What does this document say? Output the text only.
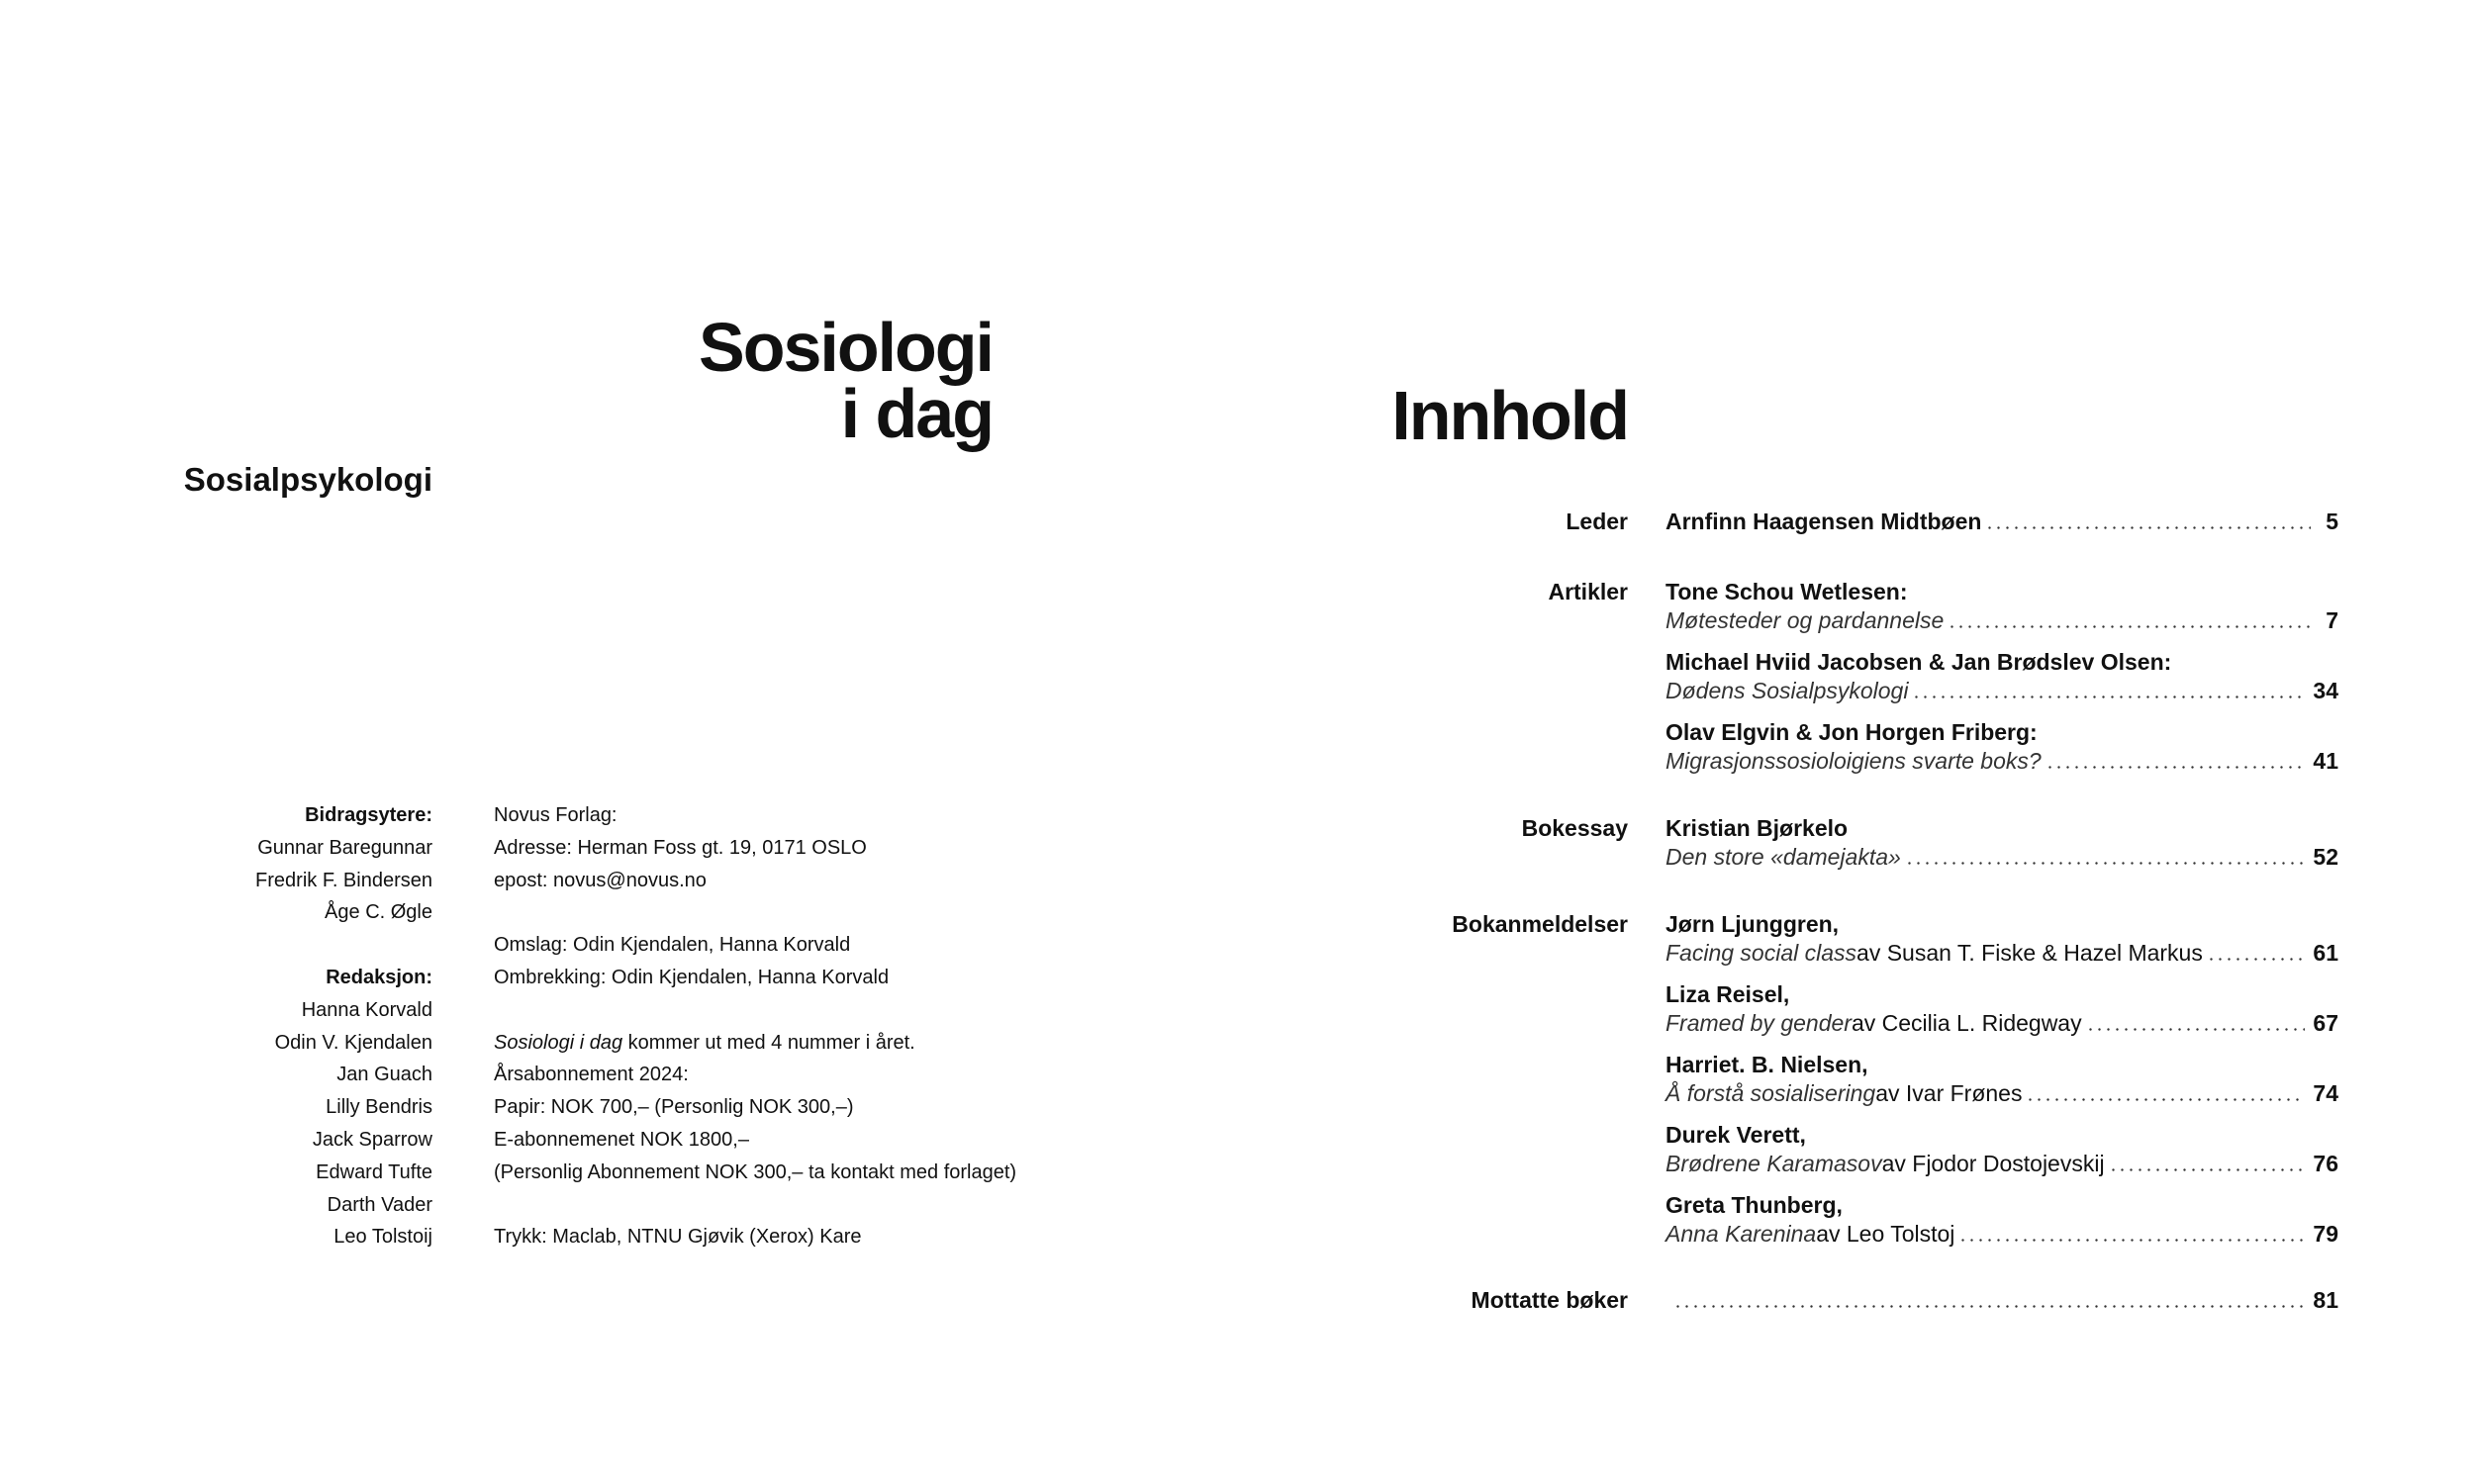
Sosiologi
i dag
Sosialpsykologi
Bidragsytere:
Gunnar Baregunnar
Fredrik F. Bindersen
Åge C. Øgle
Redaksjon:
Hanna Korvald
Odin V. Kjendalen
Jan Guach
Lilly Bendris
Jack Sparrow
Edward Tufte
Darth Vader
Leo Tolstoij
Novus Forlag:
Adresse: Herman Foss gt. 19, 0171 OSLO
epost: novus@novus.no
Omslag: Odin Kjendalen, Hanna Korvald
Ombrekking: Odin Kjendalen, Hanna Korvald
Sosiologi i dag kommer ut med 4 nummer i året.
Årsabonnement 2024:
Papir: NOK 700,– (Personlig NOK 300,–)
E-abonnemenet NOK 1800,–
(Personlig Abonnement NOK 300,– ta kontakt med forlaget)
Trykk: Maclab, NTNU Gjøvik (Xerox) Kare
Innhold
Leder Arnfinn Haagensen Midtbøen	5
Artikler Tone Schou Wetlesen:
Møtesteder og pardannelse	7
Michael Hviid Jacobsen & Jan Brødslev Olsen:
Dødens Sosialpsykologi	34
Olav Elgvin & Jon Horgen Friberg:
Migrasjonssosioloigiens svarte boks?	41
Bokessay Kristian Bjørkelo
Den store «damejakta»	52
Bokanmeldelser Jørn Ljunggren,
Facing social class av Susan T. Fiske & Hazel Markus	61
Liza Reisel,
Framed by gender av Cecilia L. Ridegway	67
Harriet. B. Nielsen,
Å forstå sosialisering av Ivar Frønes	74
Durek Verett,
Brødrene Karamasov av Fjodor Dostojevskij	76
Greta Thunberg,
Anna Karenina av Leo Tolstoj	79
Mottatte bøker	81
